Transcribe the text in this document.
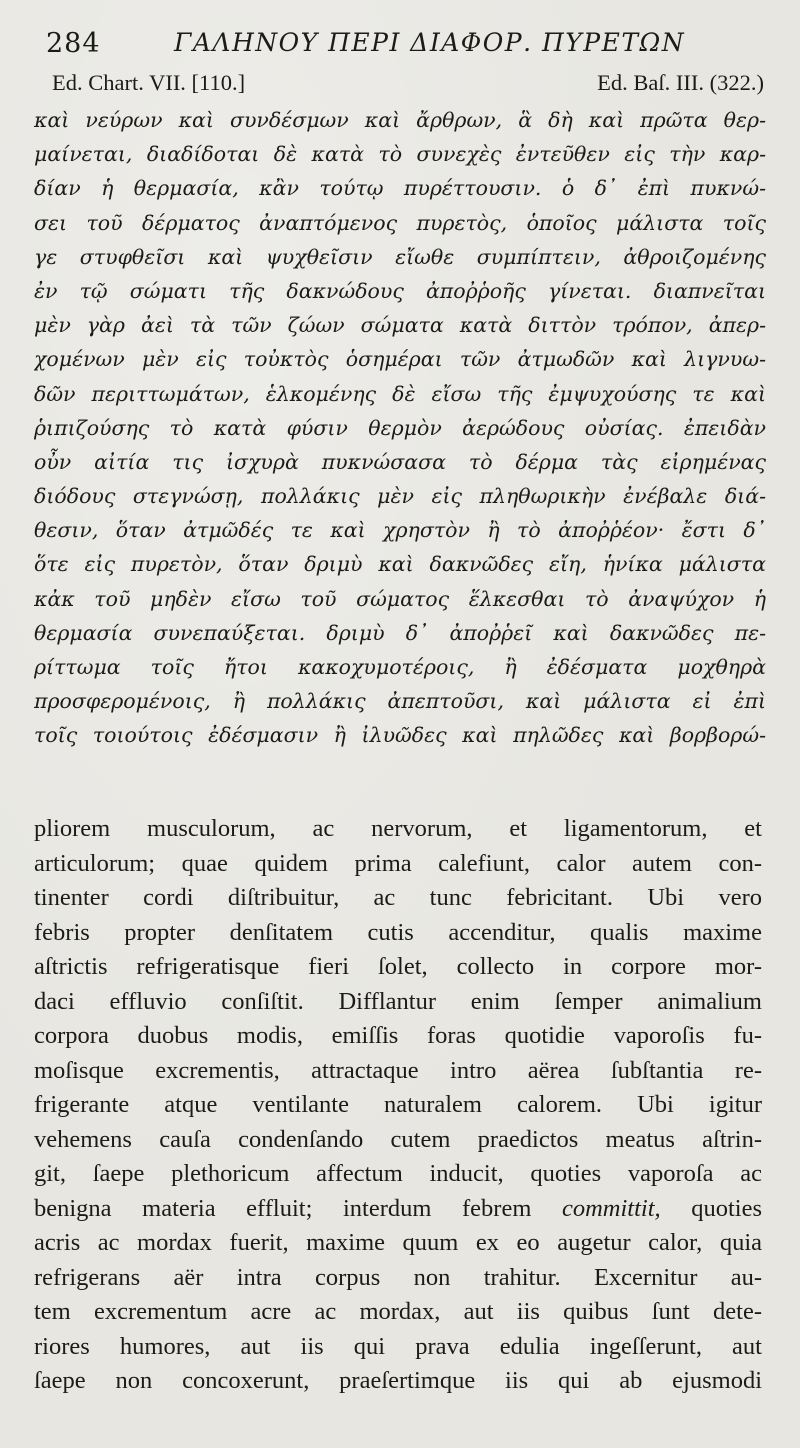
284	ΓΑΛΗΝΟΥ ΠΕΡΙ ΔΙΑΦΟΡ. ΠΥΡΕΤΩΝ
Ed. Chart. VII. [110.]	Ed. Baſ. III. (322.)
καὶ νεύρων καὶ συνδέσμων καὶ ἄρθρων, ἃ δὴ καὶ πρῶτα θερ-
μαίνεται, διαδίδοται δὲ κατὰ τὸ συνεχὲς ἐντεῦθεν εἰς τὴν καρ-
δίαν ἡ θερμασία, κἂν τούτῳ πυρέττουσιν. ὁ δ᾽ ἐπὶ πυκνώ-
σει τοῦ δέρματος ἀναπτόμενος πυρετὸς, ὁποῖος μάλιστα τοῖς
γε στυφθεῖσι καὶ ψυχθεῖσιν εἴωθε συμπίπτειν, ἀθροιζομένης
ἐν τῷ σώματι τῆς δακνώδους ἀποῤῥοῆς γίνεται. διαπνεῖται
μὲν γὰρ ἀεὶ τὰ τῶν ζώων σώματα κατὰ διττὸν τρόπον, ἀπερ-
χομένων μὲν εἰς τοὐκτὸς ὁσημέραι τῶν ἀτμωδῶν καὶ λιγνυω-
δῶν περιττωμάτων, ἑλκομένης δὲ εἴσω τῆς ἐμψυχούσης τε καὶ
ῥιπιζούσης τὸ κατὰ φύσιν θερμὸν ἀερώδους οὐσίας. ἐπειδὰν
οὖν αἰτία τις ἰσχυρὰ πυκνώσασα τὸ δέρμα τὰς εἰρημένας
διόδους στεγνώσῃ, πολλάκις μὲν εἰς πληθωρικὴν ἐνέβαλε διά-
θεσιν, ὅταν ἀτμῶδές τε καὶ χρηστὸν ἢ τὸ ἀποῤῥέον· ἔστι δ᾽
ὅτε εἰς πυρετὸν, ὅταν δριμὺ καὶ δακνῶδες εἴη, ἡνίκα μάλιστα
κἀκ τοῦ μηδὲν εἴσω τοῦ σώματος ἕλκεσθαι τὸ ἀναψύχον ἡ
θερμασία συνεπαύξεται. δριμὺ δ᾽ ἀποῤῥεῖ καὶ δακνῶδες πε-
ρίττωμα τοῖς ἤτοι κακοχυμοτέροις, ἢ ἐδέσματα μοχθηρὰ
προσφερομένοις, ἢ πολλάκις ἀπεπτοῦσι, καὶ μάλιστα εἰ ἐπὶ
τοῖς τοιούτοις ἐδέσμασιν ἢ ἰλυῶδες καὶ πηλῶδες καὶ βορβορώ-
pliorem musculorum, ac nervorum, et ligamentorum, et
articulorum; quae quidem prima calefiunt, calor autem con-
tinenter cordi diſtribuitur, ac tunc febricitant. Ubi vero
febris propter denſitatem cutis accenditur, qualis maxime
aſtrictis refrigeratisque fieri ſolet, collecto in corpore mor-
daci effluvio conſiſtit. Difflantur enim ſemper animalium
corpora duobus modis, emiſſis foras quotidie vaporoſis fu-
moſisque excrementis, attractaque intro aërea ſubſtantia re-
frigerante atque ventilante naturalem calorem. Ubi igitur
vehemens cauſa condenſando cutem praedictos meatus aſtrin-
git, ſaepe plethoricum affectum inducit, quoties vaporoſa ac
benigna materia effluit; interdum febrem committit, quoties
acris ac mordax fuerit, maxime quum ex eo augetur calor, quia
refrigerans aër intra corpus non trahitur. Excernitur au-
tem excrementum acre ac mordax, aut iis quibus ſunt dete-
riores humores, aut iis qui prava edulia ingeſſerunt, aut
ſaepe non concoxerunt, praeſertimque iis qui ab ejusmodi
